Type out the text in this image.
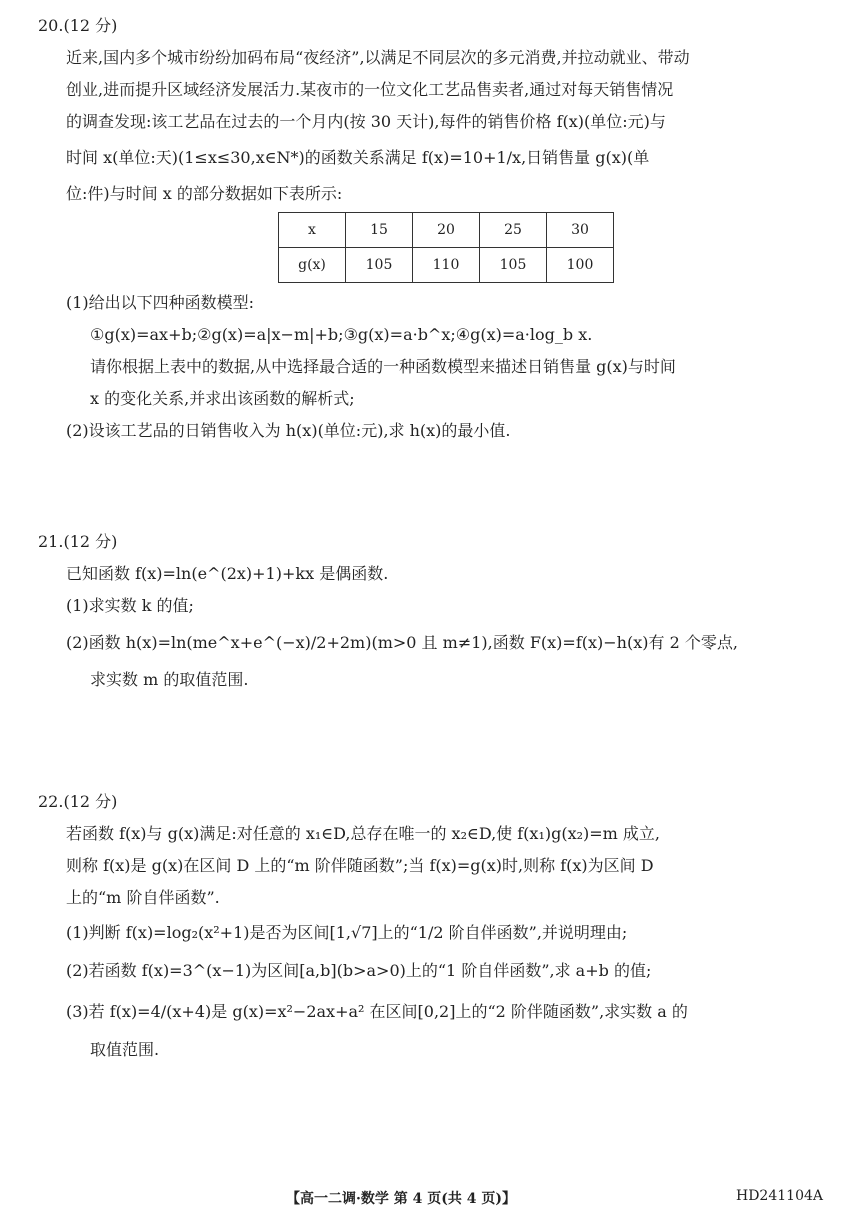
20.(12 分)
近来,国内多个城市纷纷加码布局“夜经济”,以满足不同层次的多元消费,并拉动就业、带动
创业,进而提升区域经济发展活力.某夜市的一位文化工艺品售卖者,通过对每天销售情况
的调查发现:该工艺品在过去的一个月内(按 30 天计),每件的销售价格 f(x)(单位:元)与
时间 x(单位:天)(1≤x≤30,x∈N*)的函数关系满足 f(x)=10+1/x,日销售量 g(x)(单
位:件)与时间 x 的部分数据如下表所示:
x	15	20	25	30
g(x)	105	110	105	100
(1)给出以下四种函数模型:
①g(x)=ax+b;②g(x)=a|x−m|+b;③g(x)=a·b^x;④g(x)=a·log_b x.
请你根据上表中的数据,从中选择最合适的一种函数模型来描述日销售量 g(x)与时间
x 的变化关系,并求出该函数的解析式;
(2)设该工艺品的日销售收入为 h(x)(单位:元),求 h(x)的最小值.
21.(12 分)
已知函数 f(x)=ln(e^(2x)+1)+kx 是偶函数.
(1)求实数 k 的值;
(2)函数 h(x)=ln(me^x+e^(−x)/2+2m)(m>0 且 m≠1),函数 F(x)=f(x)−h(x)有 2 个零点,
求实数 m 的取值范围.
22.(12 分)
若函数 f(x)与 g(x)满足:对任意的 x₁∈D,总存在唯一的 x₂∈D,使 f(x₁)g(x₂)=m 成立,
则称 f(x)是 g(x)在区间 D 上的“m 阶伴随函数”;当 f(x)=g(x)时,则称 f(x)为区间 D
上的“m 阶自伴函数”.
(1)判断 f(x)=log₂(x²+1)是否为区间[1,√7]上的“1/2 阶自伴函数”,并说明理由;
(2)若函数 f(x)=3^(x−1)为区间[a,b](b>a>0)上的“1 阶自伴函数”,求 a+b 的值;
(3)若 f(x)=4/(x+4)是 g(x)=x²−2ax+a² 在区间[0,2]上的“2 阶伴随函数”,求实数 a 的
取值范围.
【高一二调·数学 第 4 页(共 4 页)】	HD241104A
